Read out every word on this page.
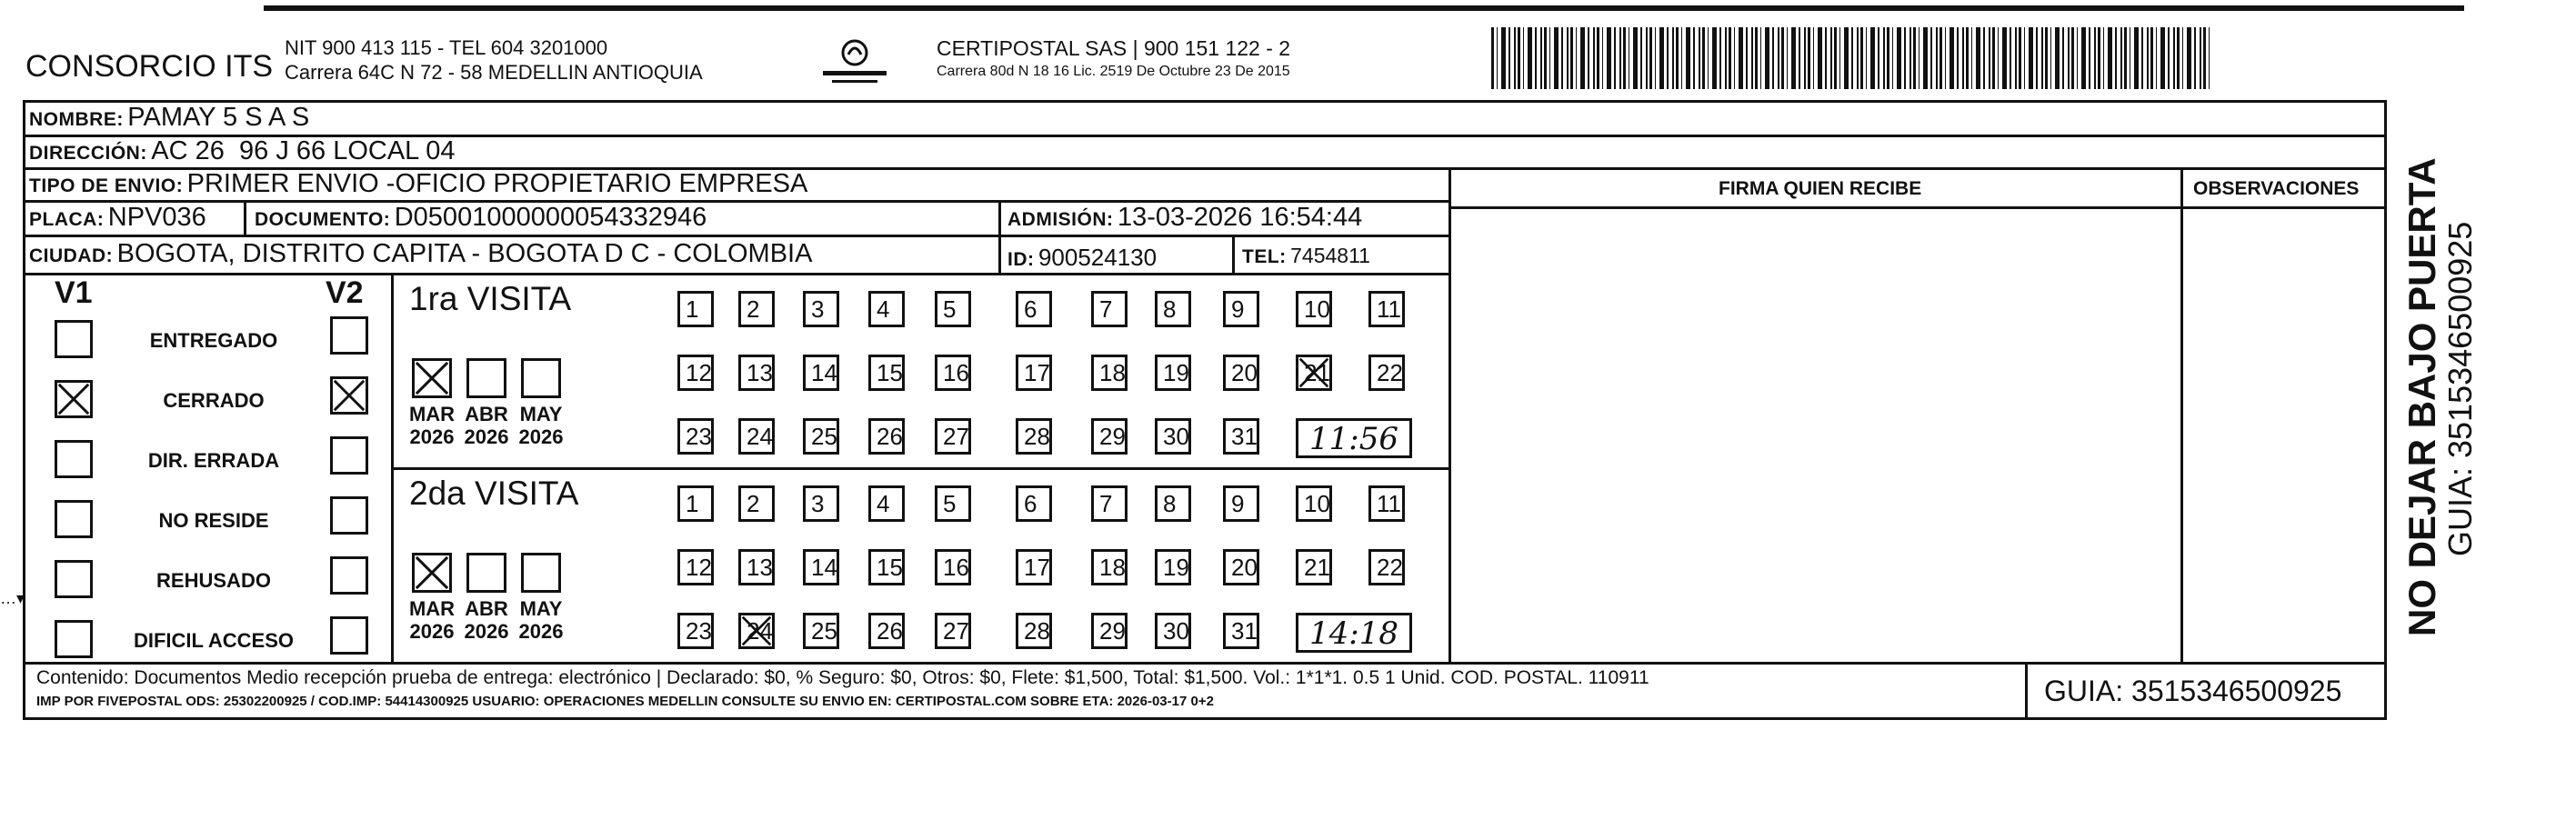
CONSORCIO ITS
NIT 900 413 115 - TEL 604 3201000
Carrera 64C N 72 - 58 MEDELLIN ANTIOQUIA
CERTIPOSTAL SAS | 900 151 122 - 2
Carrera 80d N 18 16 Lic. 2519 De Octubre 23 De 2015
NOMBRE: PAMAY 5 S A S
DIRECCIÓN: AC 26  96 J 66 LOCAL 04
TIPO DE ENVIO: PRIMER ENVIO -OFICIO PROPIETARIO EMPRESA	FIRMA QUIEN RECIBE	OBSERVACIONES
PLACA: NPV036	DOCUMENTO: D05001000000054332946	ADMISIÓN: 13-03-2026 16:54:44
CIUDAD: BOGOTA, DISTRITO CAPITA - BOGOTA D C - COLOMBIA	ID: 900524130	TEL: 7454811
V1	V2
ENTREGADO
CERRADO
DIR. ERRADA
NO RESIDE
REHUSADO
DIFICIL ACCESO
1ra VISITA
MAR
2026
ABR
2026
MAY
2026
1	2	3	4	5	6	7	8	9	10	11
12	13	14	15	16	17	18	19	20	21	22
23	24	25	26	27	28	29	30	31	11:56
2da VISITA
MAR
2026
ABR
2026
MAY
2026
1	2	3	4	5	6	7	8	9	10	11
12	13	14	15	16	17	18	19	20	21	22
23	24	25	26	27	28	29	30	31	14:18
Contenido: Documentos Medio recepción prueba de entrega: electrónico | Declarado: $0, % Seguro: $0, Otros: $0, Flete: $1,500, Total: $1,500. Vol.: 1*1*1. 0.5 1 Unid. COD. POSTAL. 110911
IMP POR FIVEPOSTAL ODS: 25302200925 / COD.IMP: 54414300925 USUARIO: OPERACIONES MEDELLIN CONSULTE SU ENVIO EN: CERTIPOSTAL.COM SOBRE ETA: 2026-03-17 0+2	GUIA: 3515346500925
NO DEJAR BAJO PUERTA
GUIA: 3515346500925
…▾
